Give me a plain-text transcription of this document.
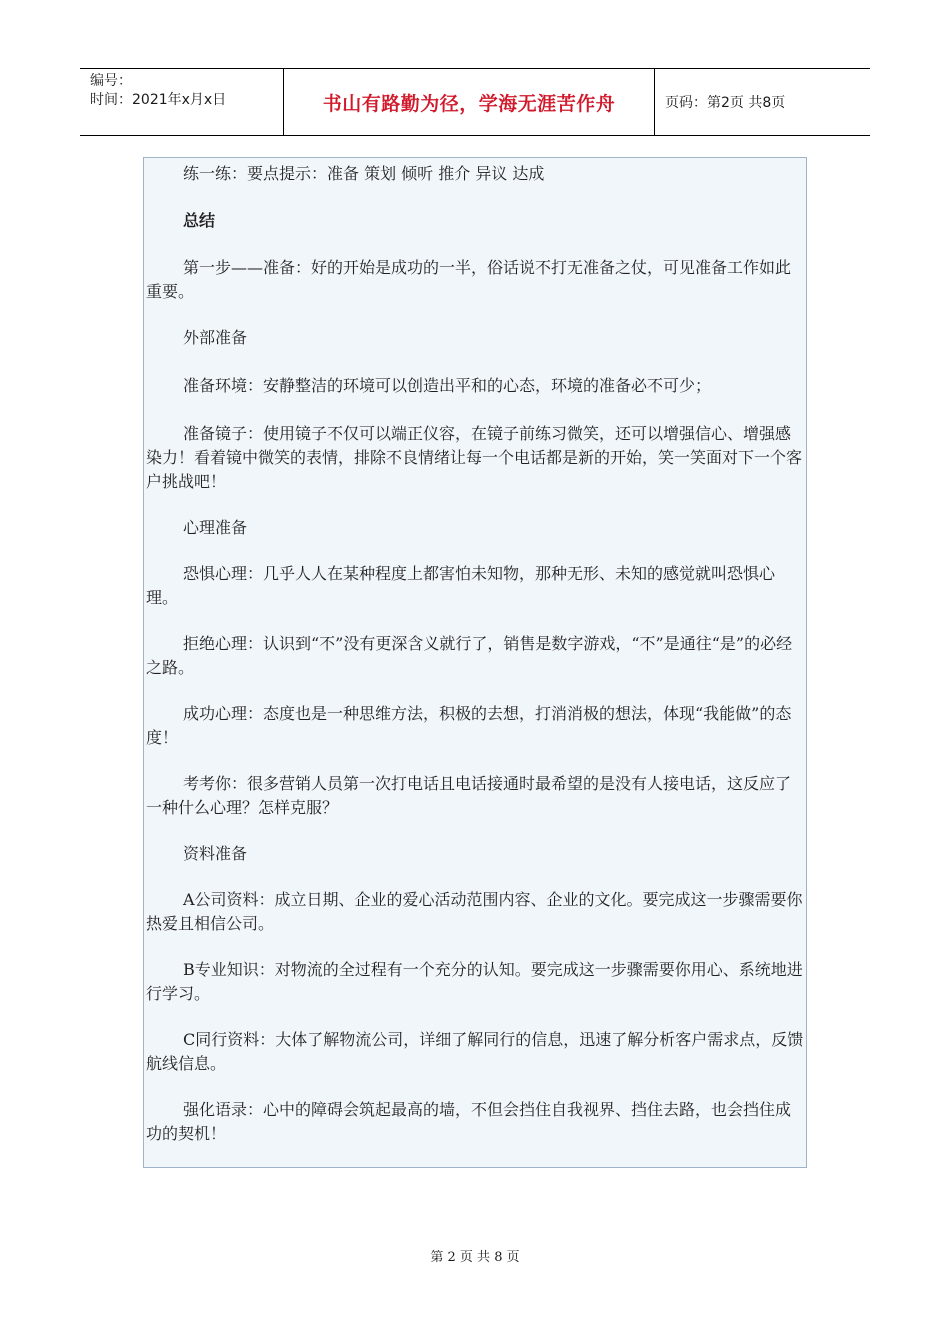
编号：
时间：2021年x月x日	书山有路勤为径，学海无涯苦作舟	页码：第2页 共8页

练一练：要点提示：准备 策划 倾听 推介 异议 达成

总结

第一步——准备：好的开始是成功的一半，俗话说不打无准备之仗，可见准备工作如此重要。

外部准备

准备环境：安静整洁的环境可以创造出平和的心态，环境的准备必不可少；

准备镜子：使用镜子不仅可以端正仪容，在镜子前练习微笑，还可以增强信心、增强感染力！看着镜中微笑的表情，排除不良情绪让每一个电话都是新的开始，笑一笑面对下一个客户挑战吧！

心理准备

恐惧心理：几乎人人在某种程度上都害怕未知物，那种无形、未知的感觉就叫恐惧心理。

拒绝心理：认识到“不”没有更深含义就行了，销售是数字游戏，“不”是通往“是”的必经之路。

成功心理：态度也是一种思维方法，积极的去想，打消消极的想法，体现“我能做”的态度！

考考你：很多营销人员第一次打电话且电话接通时最希望的是没有人接电话，这反应了一种什么心理？怎样克服？

资料准备

A公司资料：成立日期、企业的爱心活动范围内容、企业的文化。要完成这一步骤需要你热爱且相信公司。

B专业知识：对物流的全过程有一个充分的认知。要完成这一步骤需要你用心、系统地进行学习。

C同行资料：大体了解物流公司，详细了解同行的信息，迅速了解分析客户需求点，反馈航线信息。

强化语录：心中的障碍会筑起最高的墙，不但会挡住自我视界、挡住去路，也会挡住成功的契机！

第 2 页 共 8 页
